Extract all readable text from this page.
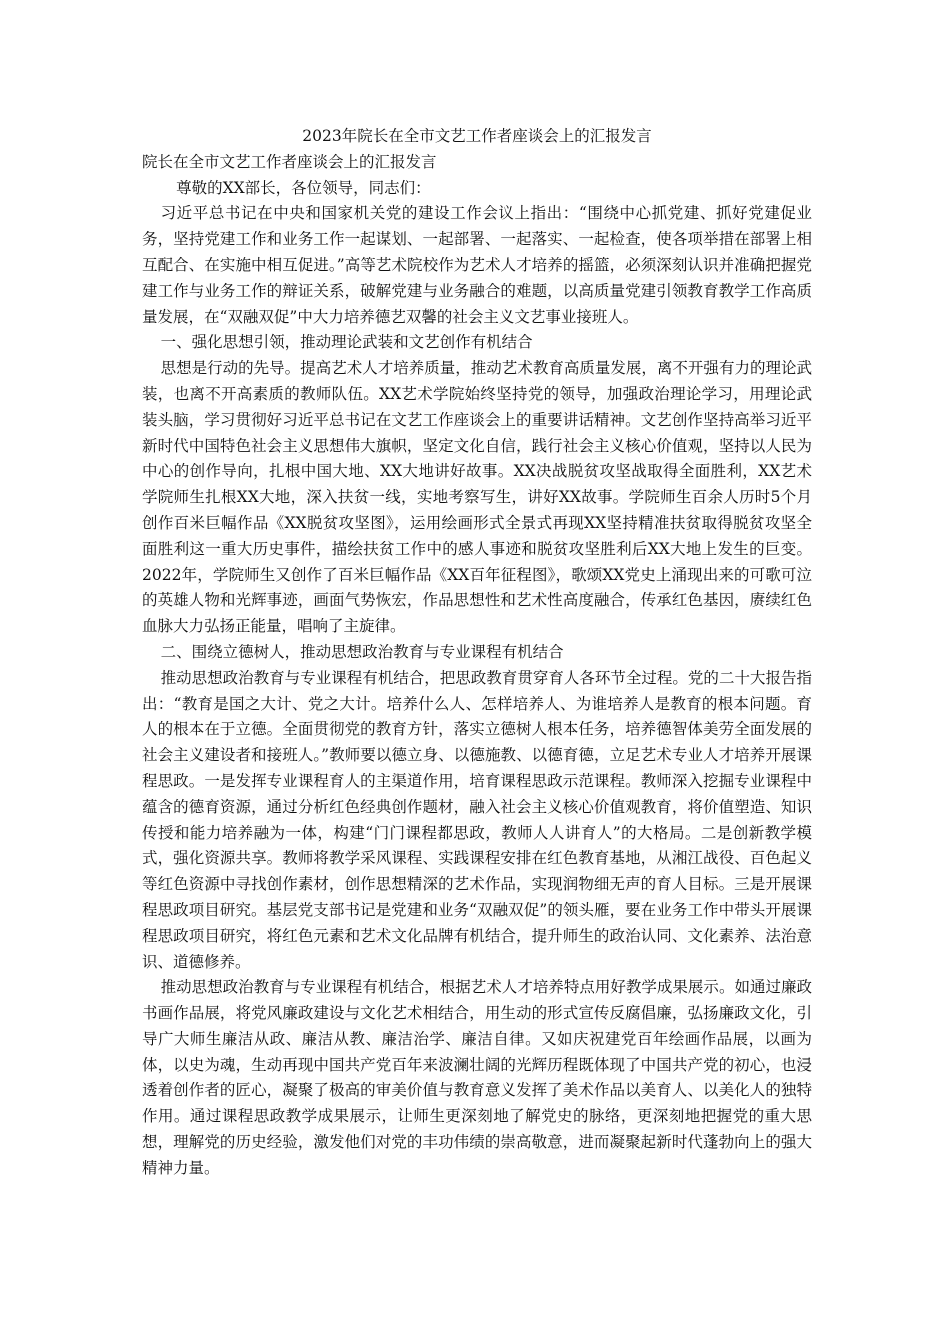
2023年院长在全市文艺工作者座谈会上的汇报发言

院长在全市文艺工作者座谈会上的汇报发言

尊敬的XX部长，各位领导，同志们：

习近平总书记在中央和国家机关党的建设工作会议上指出：“围绕中心抓党建、抓好党建促业务，坚持党建工作和业务工作一起谋划、一起部署、一起落实、一起检查，使各项举措在部署上相互配合、在实施中相互促进。”高等艺术院校作为艺术人才培养的摇篮，必须深刻认识并准确把握党建工作与业务工作的辩证关系，破解党建与业务融合的难题，以高质量党建引领教育教学工作高质量发展，在“双融双促”中大力培养德艺双馨的社会主义文艺事业接班人。

一、强化思想引领，推动理论武装和文艺创作有机结合

思想是行动的先导。提高艺术人才培养质量，推动艺术教育高质量发展，离不开强有力的理论武装，也离不开高素质的教师队伍。XX艺术学院始终坚持党的领导，加强政治理论学习，用理论武装头脑，学习贯彻好习近平总书记在文艺工作座谈会上的重要讲话精神。文艺创作坚持高举习近平新时代中国特色社会主义思想伟大旗帜，坚定文化自信，践行社会主义核心价值观，坚持以人民为中心的创作导向，扎根中国大地、XX大地讲好故事。XX决战脱贫攻坚战取得全面胜利，XX艺术学院师生扎根XX大地，深入扶贫一线，实地考察写生，讲好XX故事。学院师生百余人历时5个月创作百米巨幅作品《XX脱贫攻坚图》，运用绘画形式全景式再现XX坚持精准扶贫取得脱贫攻坚全面胜利这一重大历史事件，描绘扶贫工作中的感人事迹和脱贫攻坚胜利后XX大地上发生的巨变。2022年，学院师生又创作了百米巨幅作品《XX百年征程图》，歌颂XX党史上涌现出来的可歌可泣的英雄人物和光辉事迹，画面气势恢宏，作品思想性和艺术性高度融合，传承红色基因，赓续红色血脉大力弘扬正能量，唱响了主旋律。

二、围绕立德树人，推动思想政治教育与专业课程有机结合

推动思想政治教育与专业课程有机结合，把思政教育贯穿育人各环节全过程。党的二十大报告指出：“教育是国之大计、党之大计。培养什么人、怎样培养人、为谁培养人是教育的根本问题。育人的根本在于立德。全面贯彻党的教育方针，落实立德树人根本任务，培养德智体美劳全面发展的社会主义建设者和接班人。”教师要以德立身、以德施教、以德育德，立足艺术专业人才培养开展课程思政。一是发挥专业课程育人的主渠道作用，培育课程思政示范课程。教师深入挖掘专业课程中蕴含的德育资源，通过分析红色经典创作题材，融入社会主义核心价值观教育，将价值塑造、知识传授和能力培养融为一体，构建“门门课程都思政，教师人人讲育人”的大格局。二是创新教学模式，强化资源共享。教师将教学采风课程、实践课程安排在红色教育基地，从湘江战役、百色起义等红色资源中寻找创作素材，创作思想精深的艺术作品，实现润物细无声的育人目标。三是开展课程思政项目研究。基层党支部书记是党建和业务“双融双促”的领头雁，要在业务工作中带头开展课程思政项目研究，将红色元素和艺术文化品牌有机结合，提升师生的政治认同、文化素养、法治意识、道德修养。

推动思想政治教育与专业课程有机结合，根据艺术人才培养特点用好教学成果展示。如通过廉政书画作品展，将党风廉政建设与文化艺术相结合，用生动的形式宣传反腐倡廉，弘扬廉政文化，引导广大师生廉洁从政、廉洁从教、廉洁治学、廉洁自律。又如庆祝建党百年绘画作品展，以画为体，以史为魂，生动再现中国共产党百年来波澜壮阔的光辉历程既体现了中国共产党的初心，也浸透着创作者的匠心，凝聚了极高的审美价值与教育意义发挥了美术作品以美育人、以美化人的独特作用。通过课程思政教学成果展示，让师生更深刻地了解党史的脉络，更深刻地把握党的重大思想，理解党的历史经验，激发他们对党的丰功伟绩的崇高敬意，进而凝聚起新时代蓬勃向上的强大精神力量。
